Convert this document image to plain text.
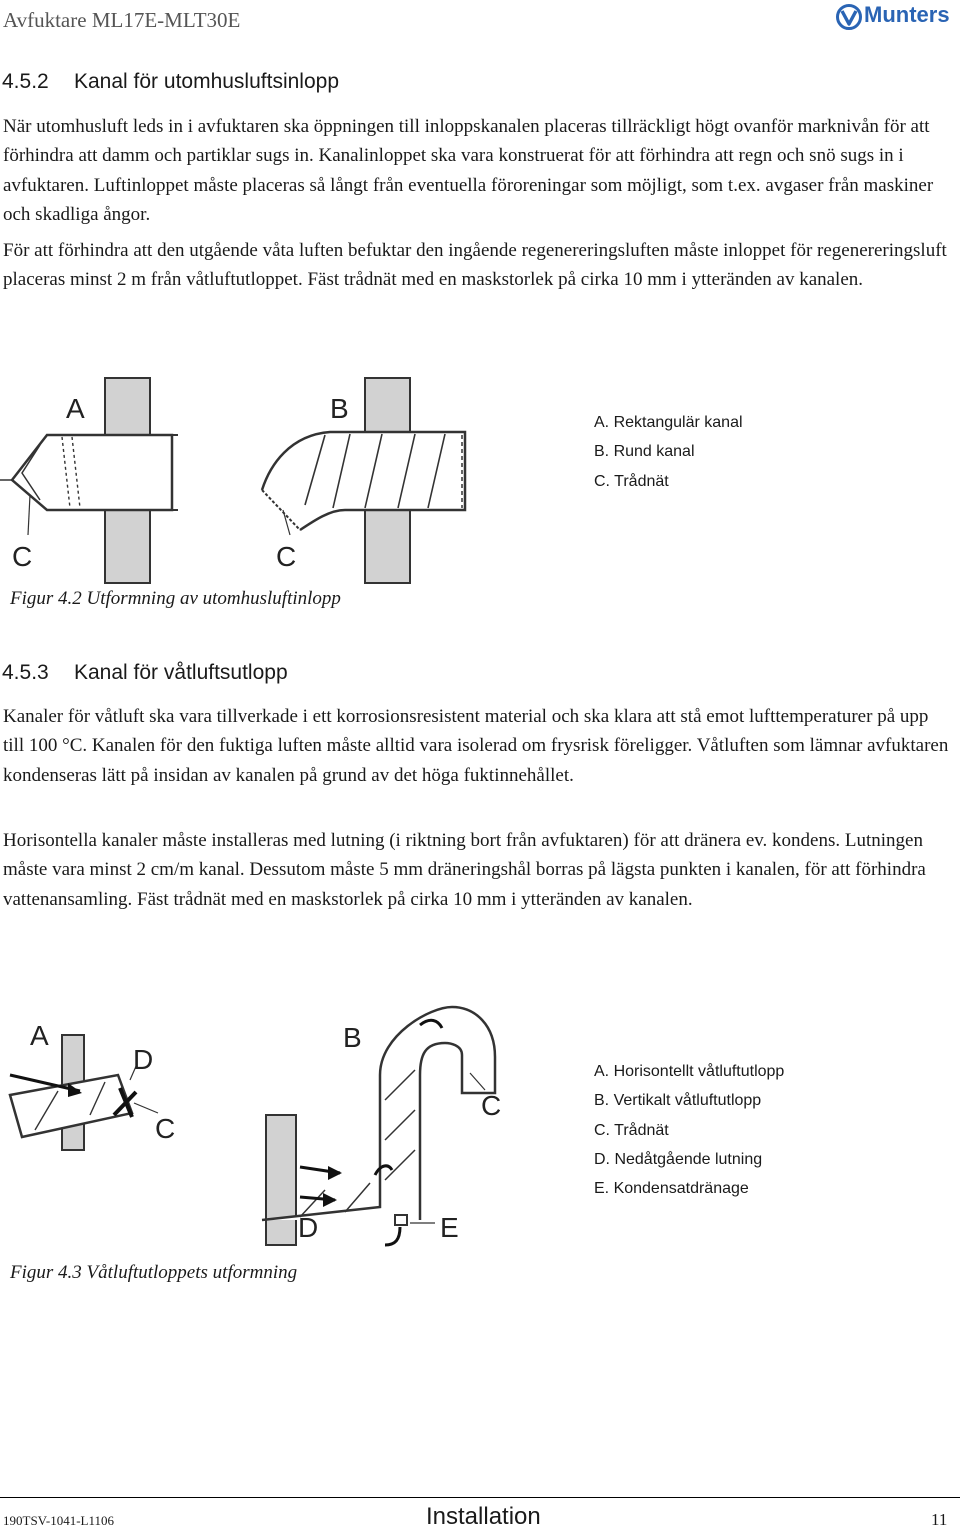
Avfuktare ML17E-MLT30E	Munters
4.5.2 Kanal för utomhusluftsinlopp

När utomhusluft leds in i avfuktaren ska öppningen till inloppskanalen placeras tillräckligt högt ovanför marknivån för att förhindra att damm och partiklar sugs in. Kanalinloppet ska vara konstruerat för att förhindra att regn och snö sugs in i avfuktaren. Luftinloppet måste placeras så långt från eventuella föroreningar som möjligt, som t.ex. avgaser från maskiner och skadliga ångor.

För att förhindra att den utgående våta luften befuktar den ingående regenereringsluften måste inloppet för regenereringsluft placeras minst 2 m från våtluftutloppet. Fäst trådnät med en maskstorlek på cirka 10 mm i ytteränden av kanalen.

A	B
C	C
A. Rektangulär kanal
B. Rund kanal
C. Trådnät
Figur 4.2 Utformning av utomhusluftinlopp
4.5.3 Kanal för våtluftsutlopp

Kanaler för våtluft ska vara tillverkade i ett korrosionsresistent material och ska klara att stå emot lufttemperaturer på upp till 100 °C. Kanalen för den fuktiga luften måste alltid vara isolerad om frysrisk föreligger. Våtluften som lämnar avfuktaren kondenseras lätt på insidan av kanalen på grund av det höga fuktinnehållet.

Horisontella kanaler måste installeras med lutning (i riktning bort från avfuktaren) för att dränera ev. kondens. Lutningen måste vara minst 2 cm/m kanal. Dessutom måste 5 mm dräneringshål borras på lägsta punkten i kanalen, för att förhindra vattenansamling. Fäst trådnät med en maskstorlek på cirka 10 mm i ytteränden av kanalen.

A
D
C
B
C
D	E
A. Horisontellt våtluftutlopp
B. Vertikalt våtluftutlopp
C. Trådnät
D. Nedåtgående lutning
E. Kondensatdränage
Figur 4.3 Våtluftutloppets utformning
190TSV-1041-L1106	Installation	11
